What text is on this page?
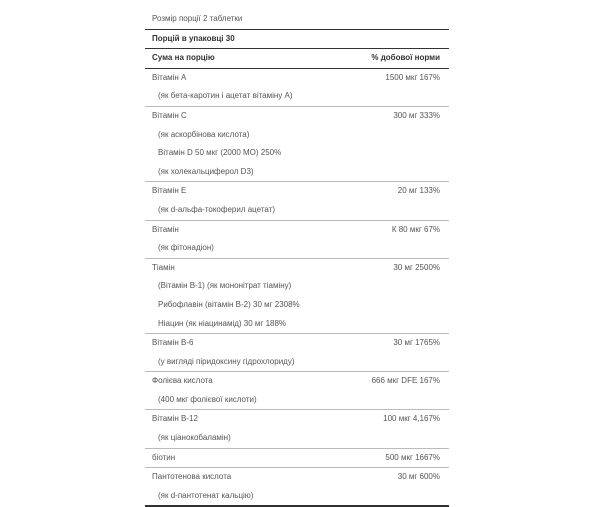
Розмір порції 2 таблетки
Порцій в упаковці 30
Сума на порцію	% добової норми
Вітамін А	1500 мкг 167%
(як бета-каротин і ацетат вітаміну А)
Вітамін С	300 мг 333%
(як аскорбінова кислота)
Вітамін D 50 мкг (2000 МО) 250%
(як холекальциферол D3)
Вітамін Е	20 мг 133%
(як d-альфа-токоферил ацетат)
Вітамін	К 80 мкг 67%
(як фітонадіон)
Тіамін	30 мг 2500%
(Вітамін В-1) (як мононітрат тіаміну)
Рибофлавін (вітамін В-2) 30 мг 2308%
Ніацин (як ніацинамід) 30 мг 188%
Вітамін В-6	30 мг 1765%
(у вигляді піридоксину гідрохлориду)
Фолієва кислота	666 мкг DFE 167%
(400 мкг фолієвої кислоти)
Вітамін В-12	100 мкг 4,167%
(як ціанокобаламін)
біотин	500 мкг 1667%
Пантотенова кислота	30 мг 600%
(як d-пантотенат кальцію)
